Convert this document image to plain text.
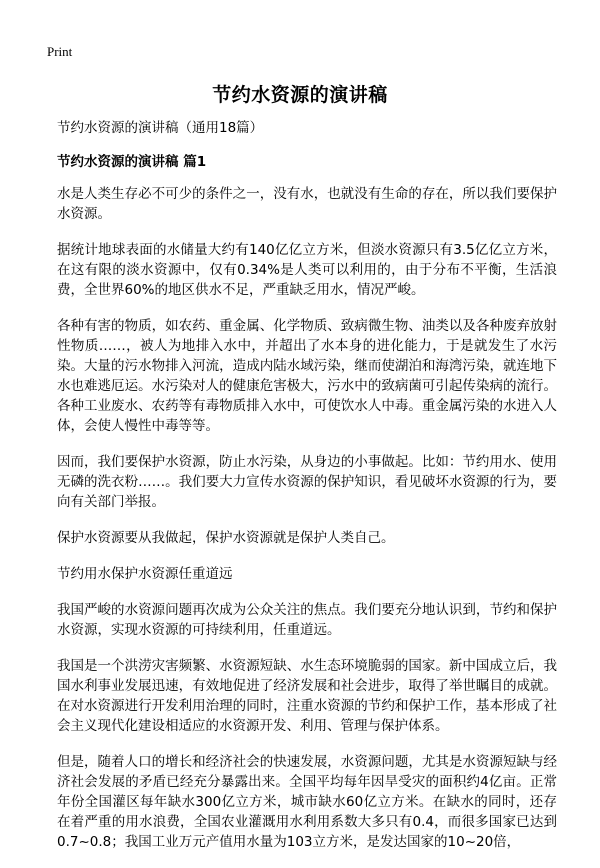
Print
节约水资源的演讲稿

节约水资源的演讲稿（通用18篇）

节约水资源的演讲稿 篇1

水是人类生存必不可少的条件之一，没有水，也就没有生命的存在，所以我们要保护水资源。

据统计地球表面的水储量大约有140亿亿立方米，但淡水资源只有3.5亿亿立方米，在这有限的淡水资源中，仅有0.34%是人类可以利用的，由于分布不平衡，生活浪费，全世界60%的地区供水不足，严重缺乏用水，情况严峻。

各种有害的物质，如农药、重金属、化学物质、致病微生物、油类以及各种废弃放射性物质……，被人为地排入水中，并超出了水本身的进化能力，于是就发生了水污染。大量的污水物排入河流，造成内陆水域污染，继而使湖泊和海湾污染，就连地下水也难逃厄运。水污染对人的健康危害极大，污水中的致病菌可引起传染病的流行。各种工业废水、农药等有毒物质排入水中，可使饮水人中毒。重金属污染的水进入人体，会使人慢性中毒等等。

因而，我们要保护水资源，防止水污染，从身边的小事做起。比如：节约用水、使用无磷的洗衣粉……。我们要大力宣传水资源的保护知识，看见破坏水资源的行为，要向有关部门举报。

保护水资源要从我做起，保护水资源就是保护人类自己。

节约用水保护水资源任重道远

我国严峻的水资源问题再次成为公众关注的焦点。我们要充分地认识到，节约和保护水资源，实现水资源的可持续利用，任重道远。

我国是一个洪涝灾害频繁、水资源短缺、水生态环境脆弱的国家。新中国成立后，我国水利事业发展迅速，有效地促进了经济发展和社会进步，取得了举世瞩目的成就。在对水资源进行开发利用治理的同时，注重水资源的节约和保护工作，基本形成了社会主义现代化建设相适应的水资源开发、利用、管理与保护体系。

但是，随着人口的增长和经济社会的快速发展，水资源问题，尤其是水资源短缺与经济社会发展的矛盾已经充分暴露出来。全国平均每年因旱受灾的面积约4亿亩。正常年份全国灌区每年缺水300亿立方米，城市缺水60亿立方米。在缺水的同时，还存在着严重的用水浪费，全国农业灌溉用水利用系数大多只有0.4，而很多国家已达到0.7~0.8；我国工业万元产值用水量为103立方米，是发达国家的10~20倍，
